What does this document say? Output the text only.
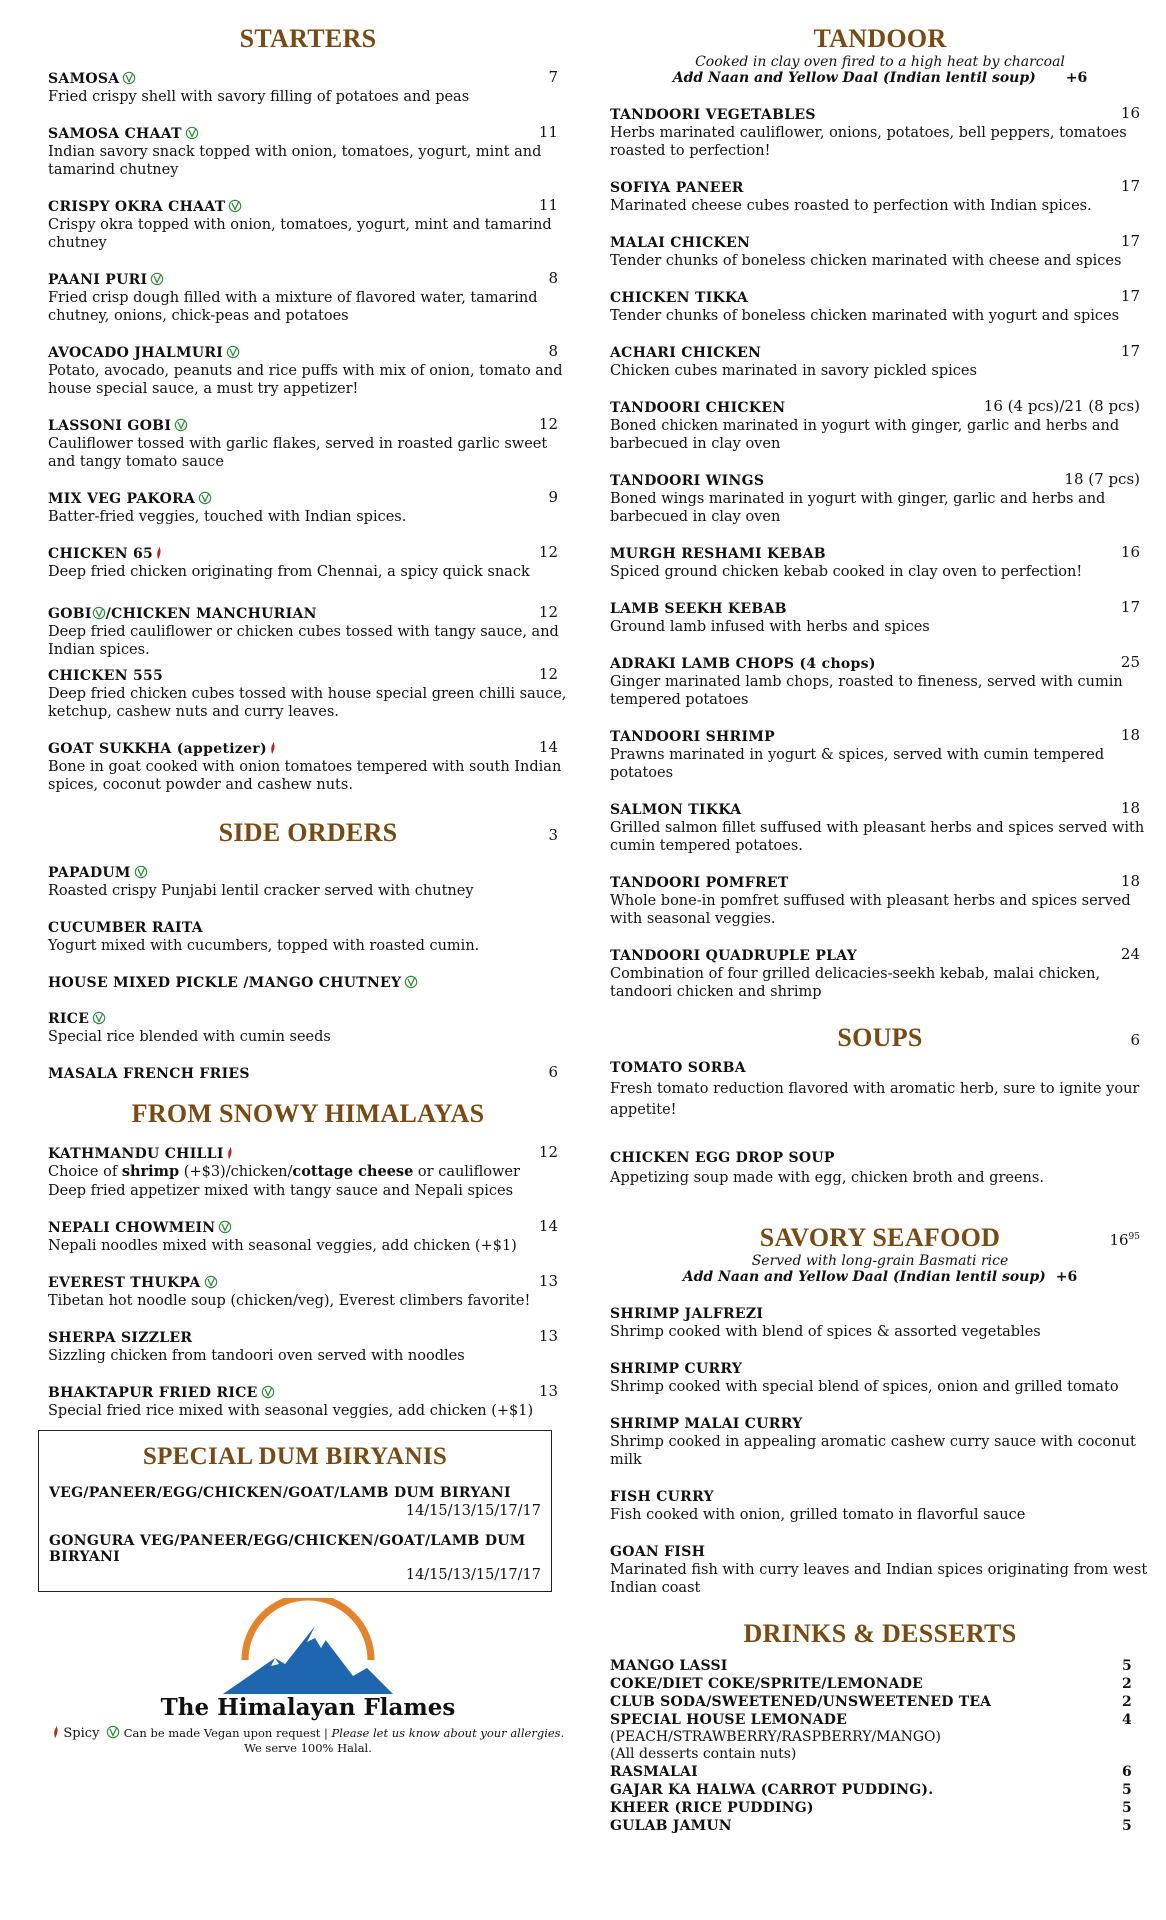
STARTERS
SAMOSA	7
Fried crispy shell with savory filling of potatoes and peas
SAMOSA CHAAT	11
Indian savory snack topped with onion, tomatoes, yogurt, mint and tamarind chutney
CRISPY OKRA CHAAT	11
Crispy okra topped with onion, tomatoes, yogurt, mint and tamarind chutney
PAANI PURI	8
Fried crisp dough filled with a mixture of flavored water, tamarind chutney, onions, chick-peas and potatoes
AVOCADO JHALMURI	8
Potato, avocado, peanuts and rice puffs with mix of onion, tomato and house special sauce, a must try appetizer!
LASSONI GOBI	12
Cauliflower tossed with garlic flakes, served in roasted garlic sweet and tangy tomato sauce
MIX VEG PAKORA	9
Batter-fried veggies, touched with Indian spices.
CHICKEN 65	12
Deep fried chicken originating from Chennai, a spicy quick snack
GOBI /CHICKEN MANCHURIAN	12
Deep fried cauliflower or chicken cubes tossed with tangy sauce, and Indian spices.
CHICKEN 555	12
Deep fried chicken cubes tossed with house special green chilli sauce, ketchup, cashew nuts and curry leaves.
GOAT SUKKHA (appetizer)	14
Bone in goat cooked with onion tomatoes tempered with south Indian spices, coconut powder and cashew nuts.
SIDE ORDERS	3
PAPADUM
Roasted crispy Punjabi lentil cracker served with chutney
CUCUMBER RAITA
Yogurt mixed with cucumbers, topped with roasted cumin.
HOUSE MIXED PICKLE /MANGO CHUTNEY
RICE
Special rice blended with cumin seeds
MASALA FRENCH FRIES	6
FROM SNOWY HIMALAYAS
KATHMANDU CHILLI	12
Choice of shrimp (+$3)/chicken/cottage cheese or cauliflower
Deep fried appetizer mixed with tangy sauce and Nepali spices
NEPALI CHOWMEIN	14
Nepali noodles mixed with seasonal veggies, add chicken (+$1)
EVEREST THUKPA	13
Tibetan hot noodle soup (chicken/veg), Everest climbers favorite!
SHERPA SIZZLER	13
Sizzling chicken from tandoori oven served with noodles
BHAKTAPUR FRIED RICE	13
Special fried rice mixed with seasonal veggies, add chicken (+$1)
SPECIAL DUM BIRYANIS
VEG/PANEER/EGG/CHICKEN/GOAT/LAMB DUM BIRYANI
14/15/13/15/17/17
GONGURA VEG/PANEER/EGG/CHICKEN/GOAT/LAMB DUM BIRYANI
14/15/13/15/17/17
The Himalayan Flames
Spicy Can be made Vegan upon request | Please let us know about your allergies.
We serve 100% Halal.
TANDOOR
Cooked in clay oven fired to a high heat by charcoal
Add Naan and Yellow Daal (Indian lentil soup) +6
TANDOORI VEGETABLES	16
Herbs marinated cauliflower, onions, potatoes, bell peppers, tomatoes roasted to perfection!
SOFIYA PANEER	17
Marinated cheese cubes roasted to perfection with Indian spices.
MALAI CHICKEN	17
Tender chunks of boneless chicken marinated with cheese and spices
CHICKEN TIKKA	17
Tender chunks of boneless chicken marinated with yogurt and spices
ACHARI CHICKEN	17
Chicken cubes marinated in savory pickled spices
TANDOORI CHICKEN	16 (4 pcs)/21 (8 pcs)
Boned chicken marinated in yogurt with ginger, garlic and herbs and barbecued in clay oven
TANDOORI WINGS	18 (7 pcs)
Boned wings marinated in yogurt with ginger, garlic and herbs and barbecued in clay oven
MURGH RESHAMI KEBAB	16
Spiced ground chicken kebab cooked in clay oven to perfection!
LAMB SEEKH KEBAB	17
Ground lamb infused with herbs and spices
ADRAKI LAMB CHOPS (4 chops)	25
Ginger marinated lamb chops, roasted to fineness, served with cumin tempered potatoes
TANDOORI SHRIMP	18
Prawns marinated in yogurt & spices, served with cumin tempered potatoes
SALMON TIKKA	18
Grilled salmon fillet suffused with pleasant herbs and spices served with cumin tempered potatoes.
TANDOORI POMFRET	18
Whole bone-in pomfret suffused with pleasant herbs and spices served with seasonal veggies.
TANDOORI QUADRUPLE PLAY	24
Combination of four grilled delicacies-seekh kebab, malai chicken, tandoori chicken and shrimp
SOUPS	6
TOMATO SORBA
Fresh tomato reduction flavored with aromatic herb, sure to ignite your appetite!
CHICKEN EGG DROP SOUP
Appetizing soup made with egg, chicken broth and greens.
SAVORY SEAFOOD	$16^{95}$
Served with long-grain Basmati rice
Add Naan and Yellow Daal (Indian lentil soup) +6
SHRIMP JALFREZI
Shrimp cooked with blend of spices & assorted vegetables
SHRIMP CURRY
Shrimp cooked with special blend of spices, onion and grilled tomato
SHRIMP MALAI CURRY
Shrimp cooked in appealing aromatic cashew curry sauce with coconut milk
FISH CURRY
Fish cooked with onion, grilled tomato in flavorful sauce
GOAN FISH
Marinated fish with curry leaves and Indian spices originating from west Indian coast
DRINKS & DESSERTS
MANGO LASSI	5
COKE/DIET COKE/SPRITE/LEMONADE	2
CLUB SODA/SWEETENED/UNSWEETENED TEA	2
SPECIAL HOUSE LEMONADE	4
(PEACH/STRAWBERRY/RASPBERRY/MANGO)
(All desserts contain nuts)
RASMALAI	6
GAJAR KA HALWA (CARROT PUDDING).	5
KHEER (RICE PUDDING)	5
GULAB JAMUN	5
